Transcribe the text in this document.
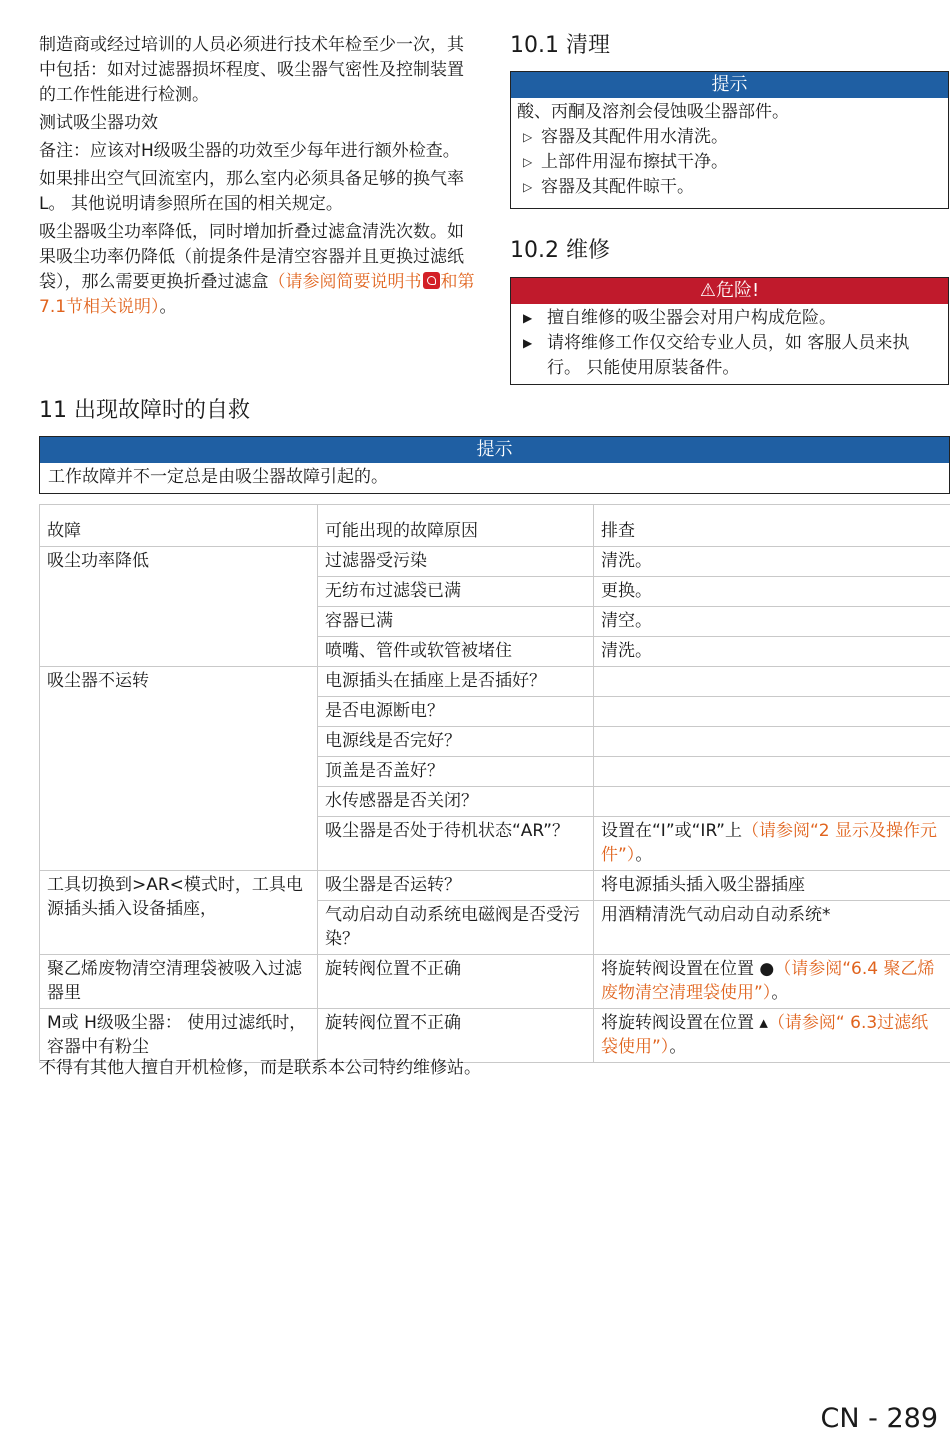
制造商或经过培训的人员必须进行技术年检至少一次，其中包括：如对过滤器损坏程度、吸尘器气密性及控制装置的工作性能进行检测。

测试吸尘器功效

备注：应该对H级吸尘器的功效至少每年进行额外检查。

如果排出空气回流室内，那么室内必须具备足够的换气率L。 其他说明请参照所在国的相关规定。

吸尘器吸尘功率降低，同时增加折叠过滤盒清洗次数。如果吸尘功率仍降低（前提条件是清空容器并且更换过滤纸袋），那么需要更换折叠过滤盒（请参阅简要说明书 和第7.1节相关说明）。

10.1 清理
提示
酸、丙酮及溶剂会侵蚀吸尘器部件。
▷ 容器及其配件用水清洗。
▷ 上部件用湿布擦拭干净。
▷ 容器及其配件晾干。
10.2 维修
⚠危险!
▶ 擅自维修的吸尘器会对用户构成危险。
▶ 请将维修工作仅交给专业人员，如 客服人员来执行。 只能使用原装备件。
11 出现故障时的自救
提示
工作故障并不一定总是由吸尘器故障引起的。
故障	可能出现的故障原因	排查
吸尘功率降低	过滤器受污染	清洗。
	无纺布过滤袋已满	更换。
	容器已满	清空。
	喷嘴、管件或软管被堵住	清洗。
吸尘器不运转	电源插头在插座上是否插好？	
	是否电源断电？	
	电源线是否完好？	
	顶盖是否盖好？	
	水传感器是否关闭？	
	吸尘器是否处于待机状态“AR”？	设置在“I”或“IR”上（请参阅“2 显示及操作元件”）。
工具切换到>AR<模式时，工具电源插头插入设备插座，	吸尘器是否运转？	将电源插头插入吸尘器插座
	气动启动自动系统电磁阀是否受污染？	用酒精清洗气动启动自动系统*
聚乙烯废物清空清理袋被吸入过滤器里	旋转阀位置不正确	将旋转阀设置在位置 ●（请参阅“6.4 聚乙烯废物清空清理袋使用”）。
M或 H级吸尘器： 使用过滤纸时，容器中有粉尘	旋转阀位置不正确	将旋转阀设置在位置 ▴（请参阅“ 6.3过滤纸袋使用”）。
不得有其他人擅自开机检修，而是联系本公司特约维修站。
CN - 289
